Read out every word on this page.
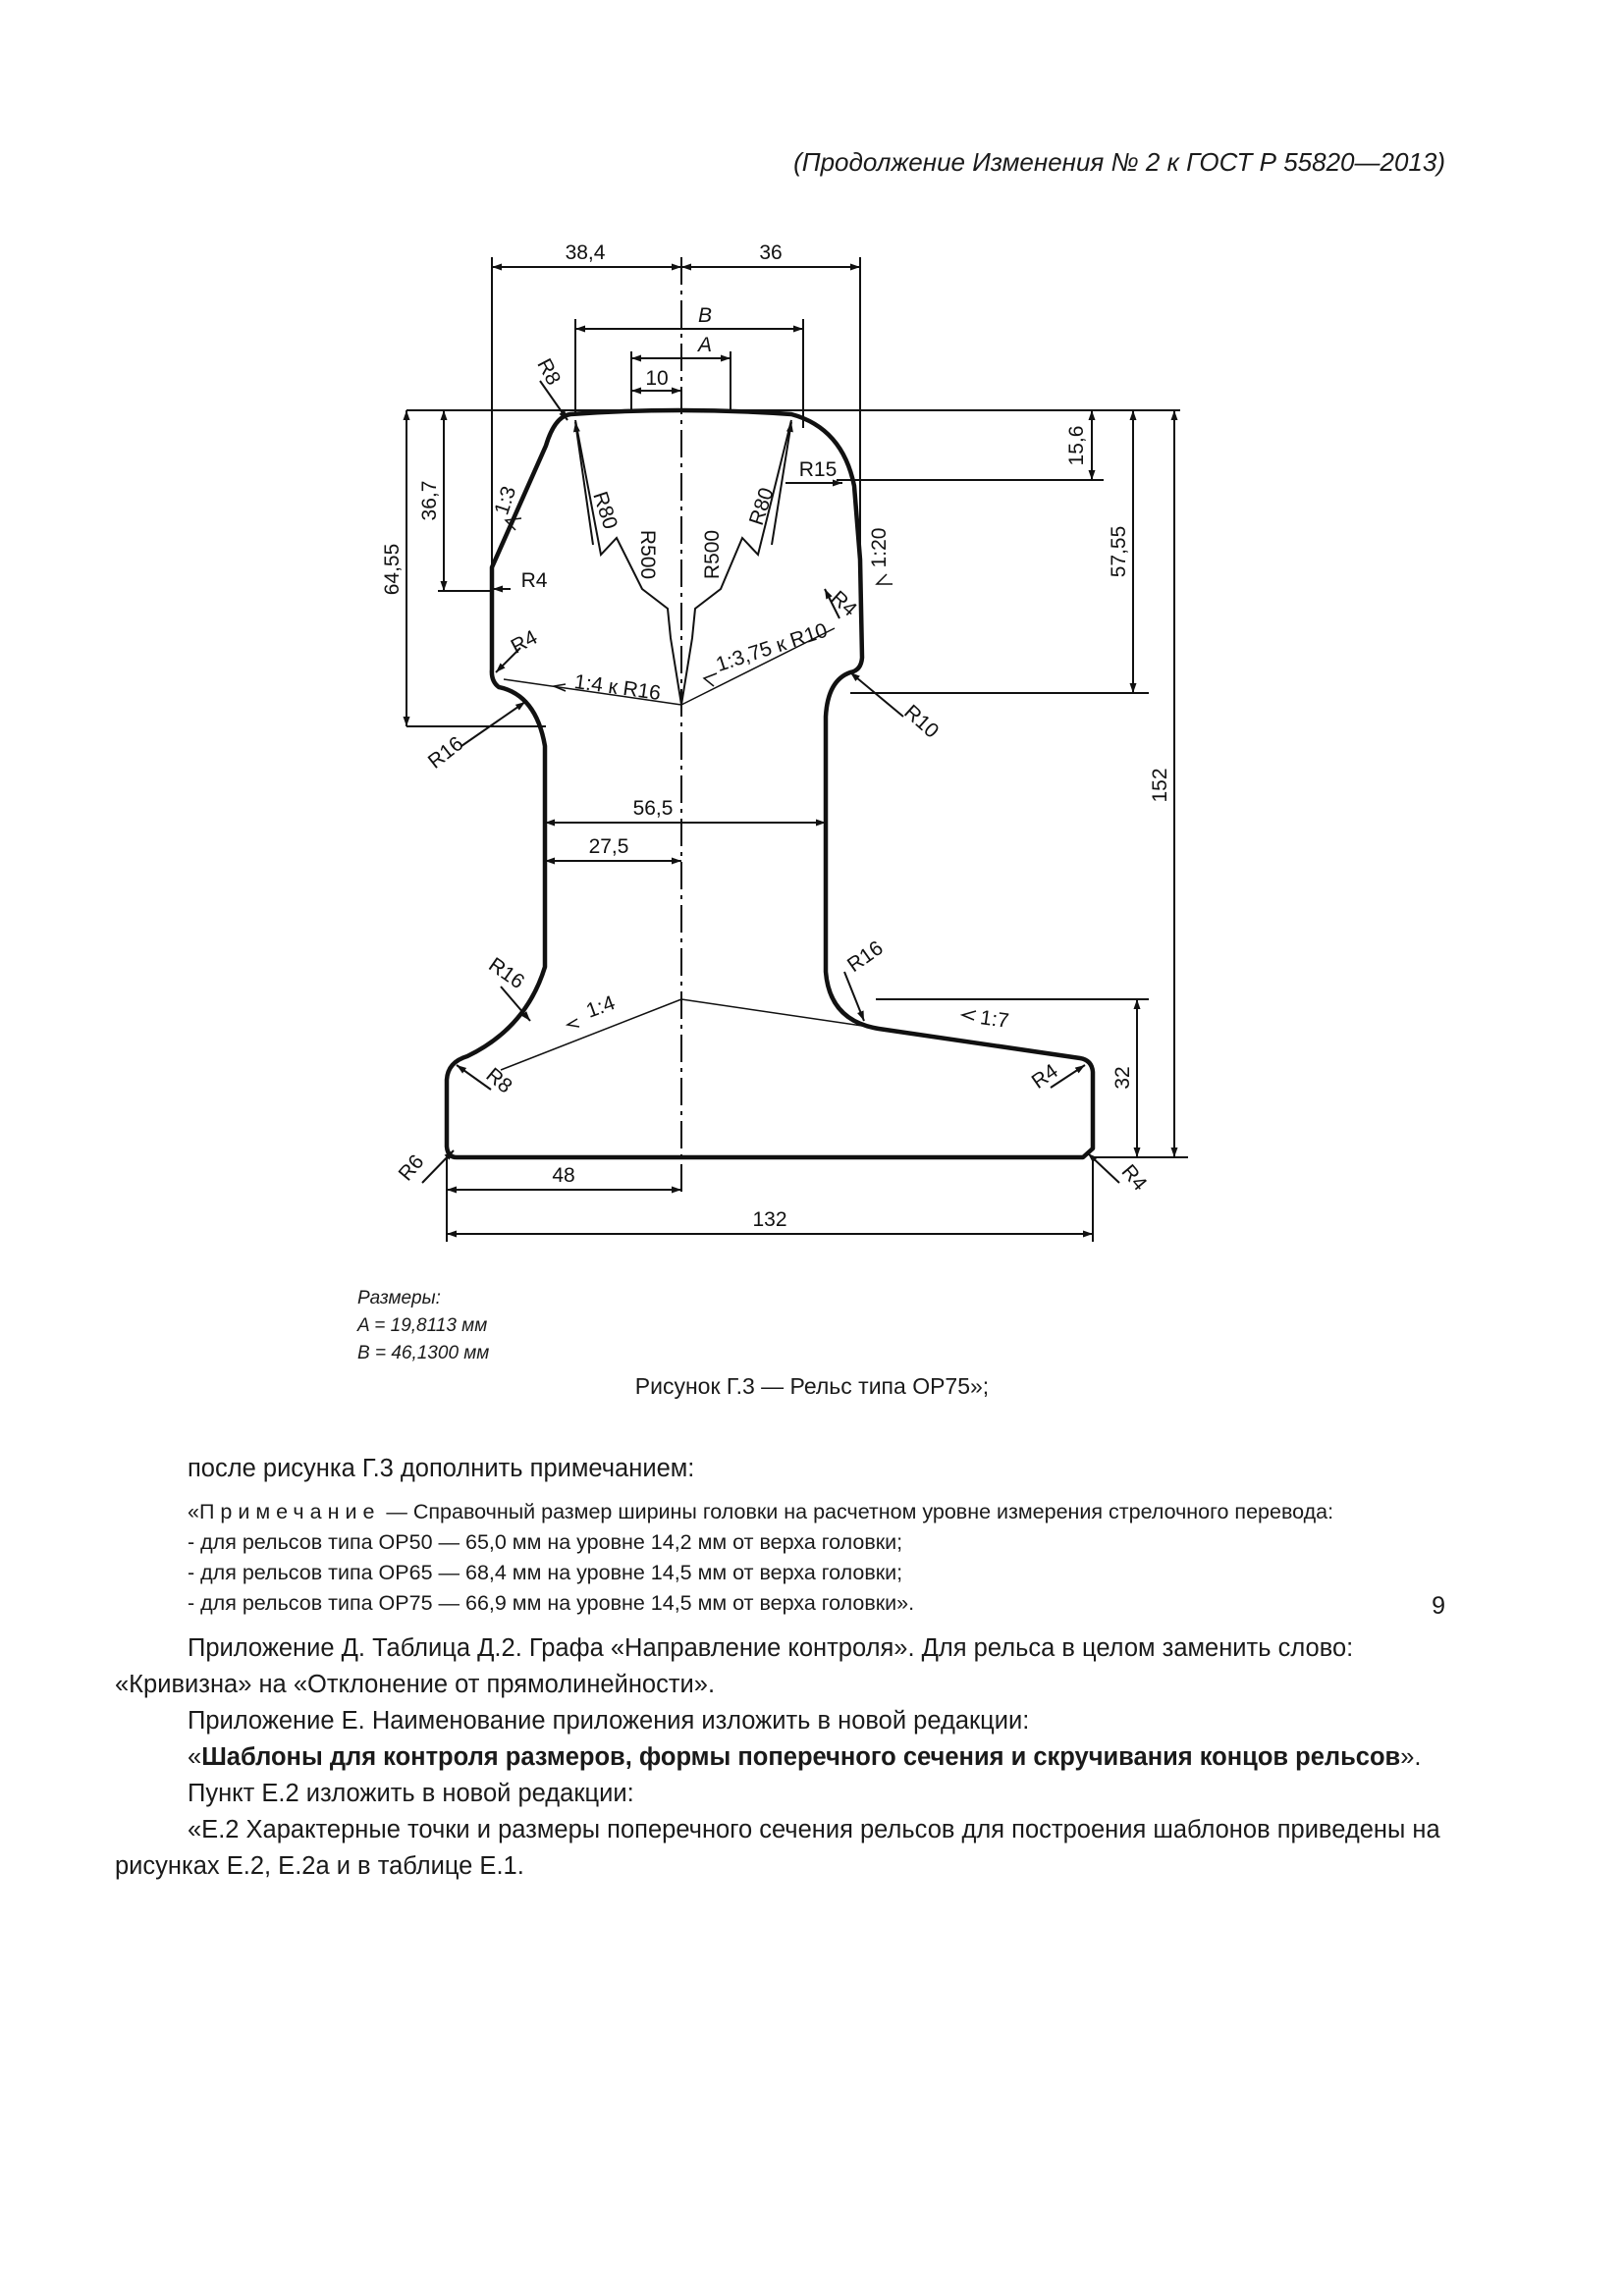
(Продолжение Изменения № 2 к ГОСТ Р 55820—2013)
38,4	36
B
A
10
15,6
57,55
152
32
36,7
64,55
56,5
27,5
48
132
R8
R80
R500 R500
R80
R15
R4
R4
R4
R16
R10
R16	R16
R8
R6
R4
R4
1:3
1:20
1:4 к R16
1:3,75 к R10
1:4	1:7
Размеры:
A = 19,8113 мм
B = 46,1300 мм
Рисунок Г.3 — Рельс типа ОР75»;

после рисунка Г.3 дополнить примечанием:

«Примечание — Справочный размер ширины головки на расчетном уровне измерения стрелочного перевода:

- для рельсов типа ОР50 — 65,0 мм на уровне 14,2 мм от верха головки;

- для рельсов типа ОР65 — 68,4 мм на уровне 14,5 мм от верха головки;

- для рельсов типа ОР75 — 66,9 мм на уровне 14,5 мм от верха головки».

Приложение Д. Таблица Д.2. Графа «Направление контроля». Для рельса в целом заменить слово: «Кривизна» на «Отклонение от прямолинейности».

Приложение Е. Наименование приложения изложить в новой редакции:

«Шаблоны для контроля размеров, формы поперечного сечения и скручивания концов рельсов».

Пункт Е.2 изложить в новой редакции:

«Е.2 Характерные точки и размеры поперечного сечения рельсов для построения шаблонов приведены на рисунках Е.2, Е.2а и в таблице Е.1.

9
